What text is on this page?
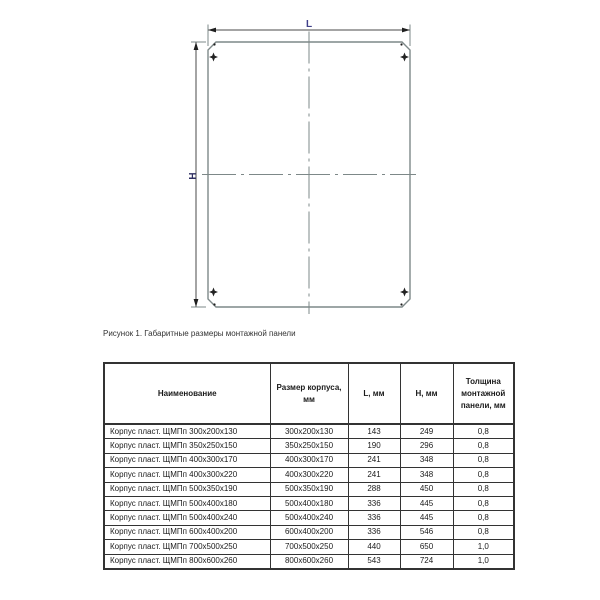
L
H
Рисунок 1. Габаритные размеры монтажной панели
Наименование	Размер корпуса, мм	L, мм	Н, мм	Толщина монтажной панели, мм
Корпус пласт. ЩМПп 300x200x130	300x200x130	143	249	0,8
Корпус пласт. ЩМПп 350x250x150	350x250x150	190	296	0,8
Корпус пласт. ЩМПп 400x300x170	400x300x170	241	348	0,8
Корпус пласт. ЩМПп 400x300x220	400x300x220	241	348	0,8
Корпус пласт. ЩМПп 500x350x190	500x350x190	288	450	0,8
Корпус пласт. ЩМПп 500x400x180	500x400x180	336	445	0,8
Корпус пласт. ЩМПп 500x400x240	500x400x240	336	445	0,8
Корпус пласт. ЩМПп 600x400x200	600x400x200	336	546	0,8
Корпус пласт. ЩМПп 700x500x250	700x500x250	440	650	1,0
Корпус пласт. ЩМПп 800x600x260	800x600x260	543	724	1,0
